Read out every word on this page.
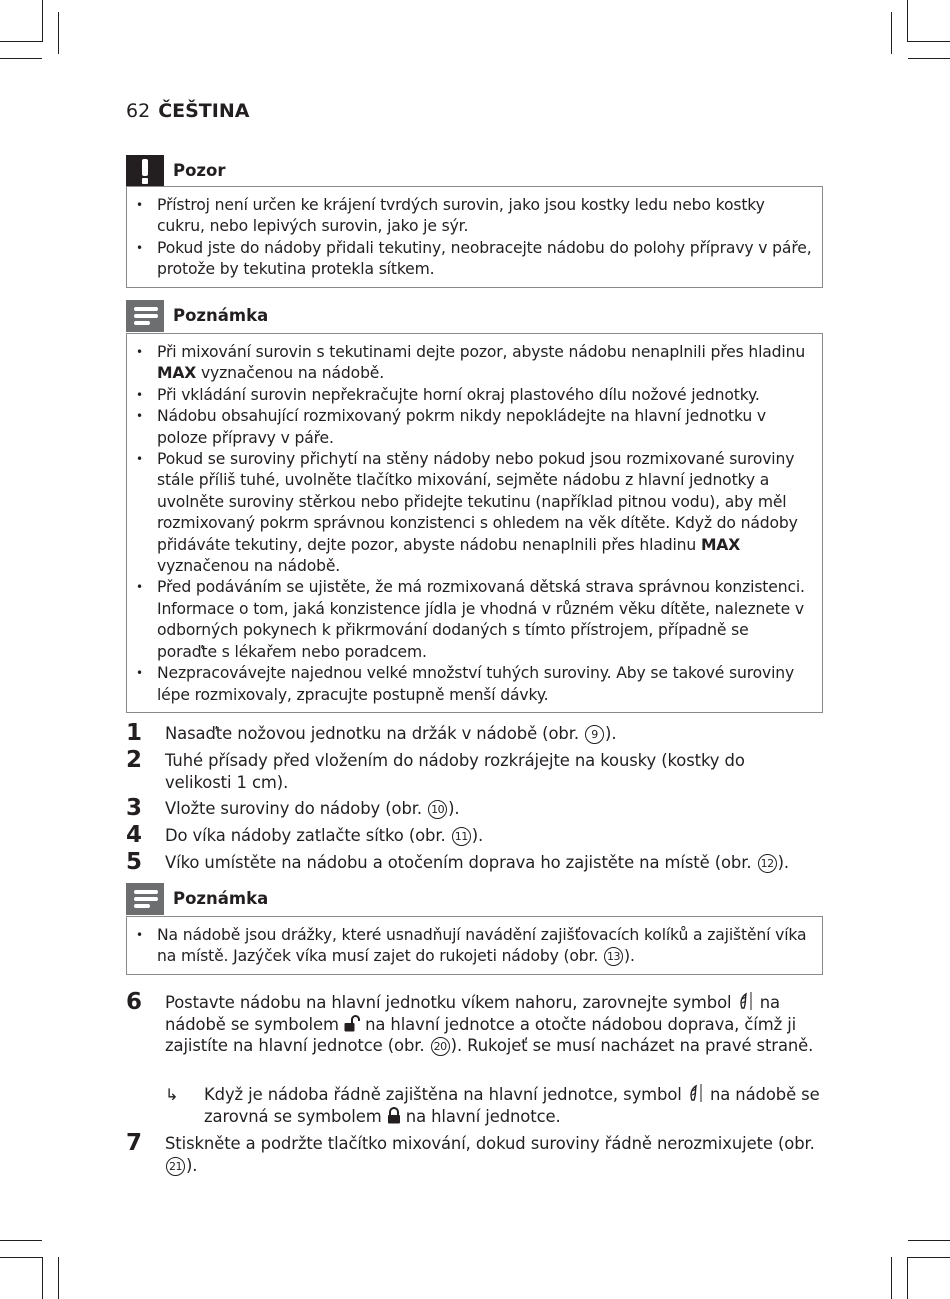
62 ČEŠTINA
Pozor
• Přístroj není určen ke krájení tvrdých surovin, jako jsou kostky ledu nebo kostky cukru, nebo lepivých surovin, jako je sýr.
• Pokud jste do nádoby přidali tekutiny, neobracejte nádobu do polohy přípravy v páře, protože by tekutina protekla sítkem.
Poznámka
• Při mixování surovin s tekutinami dejte pozor, abyste nádobu nenaplnili přes hladinu MAX vyznačenou na nádobě.
• Při vkládání surovin nepřekračujte horní okraj plastového dílu nožové jednotky.
• Nádobu obsahující rozmixovaný pokrm nikdy nepokládejte na hlavní jednotku v poloze přípravy v páře.
• Pokud se suroviny přichytí na stěny nádoby nebo pokud jsou rozmixované suroviny stále příliš tuhé, uvolněte tlačítko mixování, sejměte nádobu z hlavní jednotky a uvolněte suroviny stěrkou nebo přidejte tekutinu (například pitnou vodu), aby měl rozmixovaný pokrm správnou konzistenci s ohledem na věk dítěte. Když do nádoby přidáváte tekutiny, dejte pozor, abyste nádobu nenaplnili přes hladinu MAX vyznačenou na nádobě.
• Před podáváním se ujistěte, že má rozmixovaná dětská strava správnou konzistenci. Informace o tom, jaká konzistence jídla je vhodná v různém věku dítěte, naleznete v odborných pokynech k přikrmování dodaných s tímto přístrojem, případně se poraďte s lékařem nebo poradcem.
• Nezpracovávejte najednou velké množství tuhých suroviny. Aby se takové suroviny lépe rozmixovaly, zpracujte postupně menší dávky.
1 Nasaďte nožovou jednotku na držák v nádobě (obr. 9 ).
2 Tuhé přísady před vložením do nádoby rozkrájejte na kousky (kostky do velikosti 1 cm).
3 Vložte suroviny do nádoby (obr. 10 ).
4 Do víka nádoby zatlačte sítko (obr. 11 ).
5 Víko umístěte na nádobu a otočením doprava ho zajistěte na místě (obr. 12 ).
Poznámka
• Na nádobě jsou drážky, které usnadňují navádění zajišťovacích kolíků a zajištění víka na místě. Jazýček víka musí zajet do rukojeti nádoby (obr. 13 ).
6 Postavte nádobu na hlavní jednotku víkem nahoru, zarovnejte symbol  na nádobě se symbolem  na hlavní jednotce a otočte nádobou doprava, čímž ji zajistíte na hlavní jednotce (obr. 20 ). Rukojeť se musí nacházet na pravé straně.
↳ Když je nádoba řádně zajištěna na hlavní jednotce, symbol  na nádobě se zarovná se symbolem  na hlavní jednotce.
7 Stiskněte a podržte tlačítko mixování, dokud suroviny řádně nerozmixujete (obr. 21 ).
